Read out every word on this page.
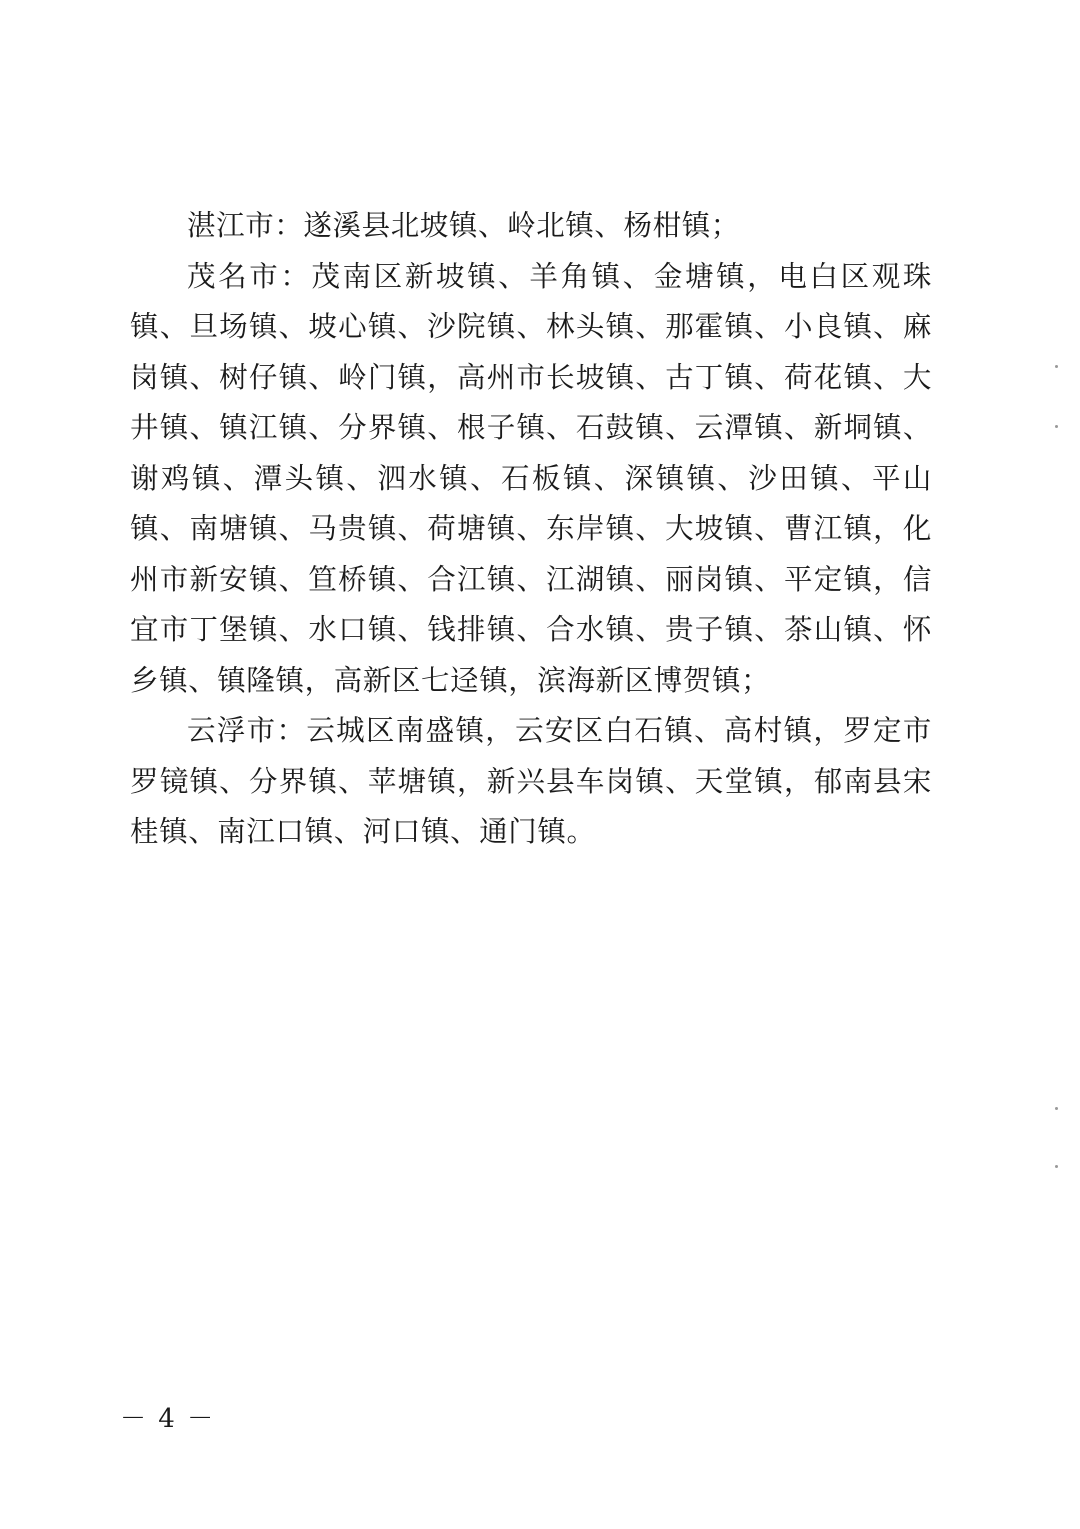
湛江市：遂溪县北坡镇、岭北镇、杨柑镇；

茂名市：茂南区新坡镇、羊角镇、金塘镇，电白区观珠镇、旦场镇、坡心镇、沙院镇、林头镇、那霍镇、小良镇、麻岗镇、树仔镇、岭门镇，高州市长坡镇、古丁镇、荷花镇、大井镇、镇江镇、分界镇、根子镇、石鼓镇、云潭镇、新垌镇、谢鸡镇、潭头镇、泗水镇、石板镇、深镇镇、沙田镇、平山镇、南塘镇、马贵镇、荷塘镇、东岸镇、大坡镇、曹江镇，化州市新安镇、笪桥镇、合江镇、江湖镇、丽岗镇、平定镇，信宜市丁堡镇、水口镇、钱排镇、合水镇、贵子镇、茶山镇、怀乡镇、镇隆镇，高新区七迳镇，滨海新区博贺镇；

云浮市：云城区南盛镇，云安区白石镇、高村镇，罗定市罗镜镇、分界镇、苹塘镇，新兴县车岗镇、天堂镇，郁南县宋桂镇、南江口镇、河口镇、通门镇。

－ 4 －
